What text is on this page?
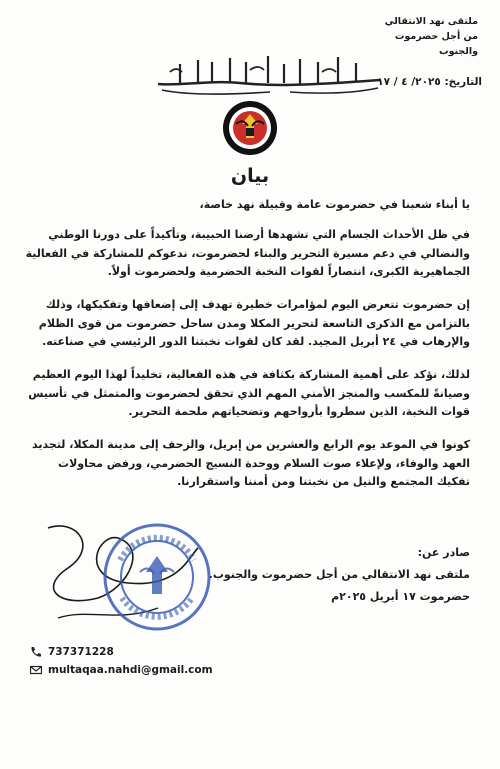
ملتقى نهد الانتقالي
من أجل حضرموت والجنوب
التاريخ: ٢٠٢٥/ ٤ / ١٧
بيان
يا أبناء شعبنا في حضرموت عامة وقبيلة نهد خاصة،
في ظل الأحداث الجسام التي تشهدها أرضنا الحبيبة، وتأكيداً على دورنا الوطني
والنضالي في دعم مسيرة التحرير والبناء لحضرموت، ندعوكم للمشاركة في الفعالية
الجماهيرية الكبرى، انتصاراً لقوات النخبة الحضرمية ولحضرموت أولاً.
إن حضرموت تتعرض اليوم لمؤامرات خطيرة تهدف إلى إضعافها وتفكيكها، وذلك
بالتزامن مع الذكرى التاسعة لتحرير المكلا ومدن ساحل حضرموت من قوى الظلام
والإرهاب في ٢٤ أبريل المجيد. لقد كان لقوات نخبتنا الدور الرئيسي في صناعته.
لذلك، نؤكد على أهمية المشاركة بكثافة في هذه الفعالية، تخليداً لهذا اليوم العظيم
وصيانةً للمكسب والمنجز الأمني المهم الذي تحقق لحضرموت والمتمثل في تأسيس
قوات النخبة، الذين سطروا بأرواحهم وتضحياتهم ملحمة التحرير.
كونوا في الموعد يوم الرابع والعشرين من إبريل، والزحف إلى مدينة المكلا، لتجديد
العهد والوفاء، ولإعلاء صوت السلام ووحدة النسيج الحضرمي، ورفض محاولات
تفكيك المجتمع والنيل من نخبتنا ومن أمننا واستقرارنا.
صادر عن:
ملتقى نهد الانتقالي من أجل حضرموت والجنوب.
حضرموت ١٧ أبريل ٢٠٢٥م
737371228
multaqaa.nahdi@gmail.com
